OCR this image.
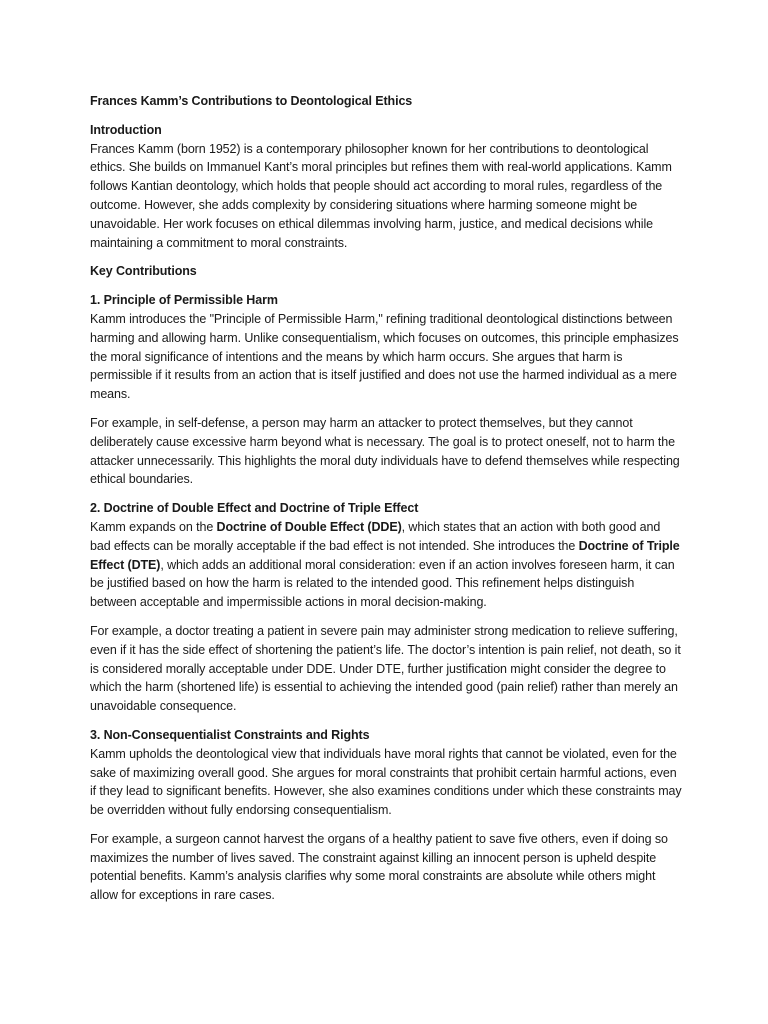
Frances Kamm’s Contributions to Deontological Ethics

Introduction

Frances Kamm (born 1952) is a contemporary philosopher known for her contributions to deontological ethics. She builds on Immanuel Kant’s moral principles but refines them with real-world applications. Kamm follows Kantian deontology, which holds that people should act according to moral rules, regardless of the outcome. However, she adds complexity by considering situations where harming someone might be unavoidable. Her work focuses on ethical dilemmas involving harm, justice, and medical decisions while maintaining a commitment to moral constraints.

Key Contributions

1. Principle of Permissible Harm

Kamm introduces the "Principle of Permissible Harm," refining traditional deontological distinctions between harming and allowing harm. Unlike consequentialism, which focuses on outcomes, this principle emphasizes the moral significance of intentions and the means by which harm occurs. She argues that harm is permissible if it results from an action that is itself justified and does not use the harmed individual as a mere means.

For example, in self-defense, a person may harm an attacker to protect themselves, but they cannot deliberately cause excessive harm beyond what is necessary. The goal is to protect oneself, not to harm the attacker unnecessarily. This highlights the moral duty individuals have to defend themselves while respecting ethical boundaries.

2. Doctrine of Double Effect and Doctrine of Triple Effect

Kamm expands on the Doctrine of Double Effect (DDE), which states that an action with both good and bad effects can be morally acceptable if the bad effect is not intended. She introduces the Doctrine of Triple Effect (DTE), which adds an additional moral consideration: even if an action involves foreseen harm, it can be justified based on how the harm is related to the intended good. This refinement helps distinguish between acceptable and impermissible actions in moral decision-making.

For example, a doctor treating a patient in severe pain may administer strong medication to relieve suffering, even if it has the side effect of shortening the patient’s life. The doctor’s intention is pain relief, not death, so it is considered morally acceptable under DDE. Under DTE, further justification might consider the degree to which the harm (shortened life) is essential to achieving the intended good (pain relief) rather than merely an unavoidable consequence.

3. Non-Consequentialist Constraints and Rights

Kamm upholds the deontological view that individuals have moral rights that cannot be violated, even for the sake of maximizing overall good. She argues for moral constraints that prohibit certain harmful actions, even if they lead to significant benefits. However, she also examines conditions under which these constraints may be overridden without fully endorsing consequentialism.

For example, a surgeon cannot harvest the organs of a healthy patient to save five others, even if doing so maximizes the number of lives saved. The constraint against killing an innocent person is upheld despite potential benefits. Kamm’s analysis clarifies why some moral constraints are absolute while others might allow for exceptions in rare cases.
